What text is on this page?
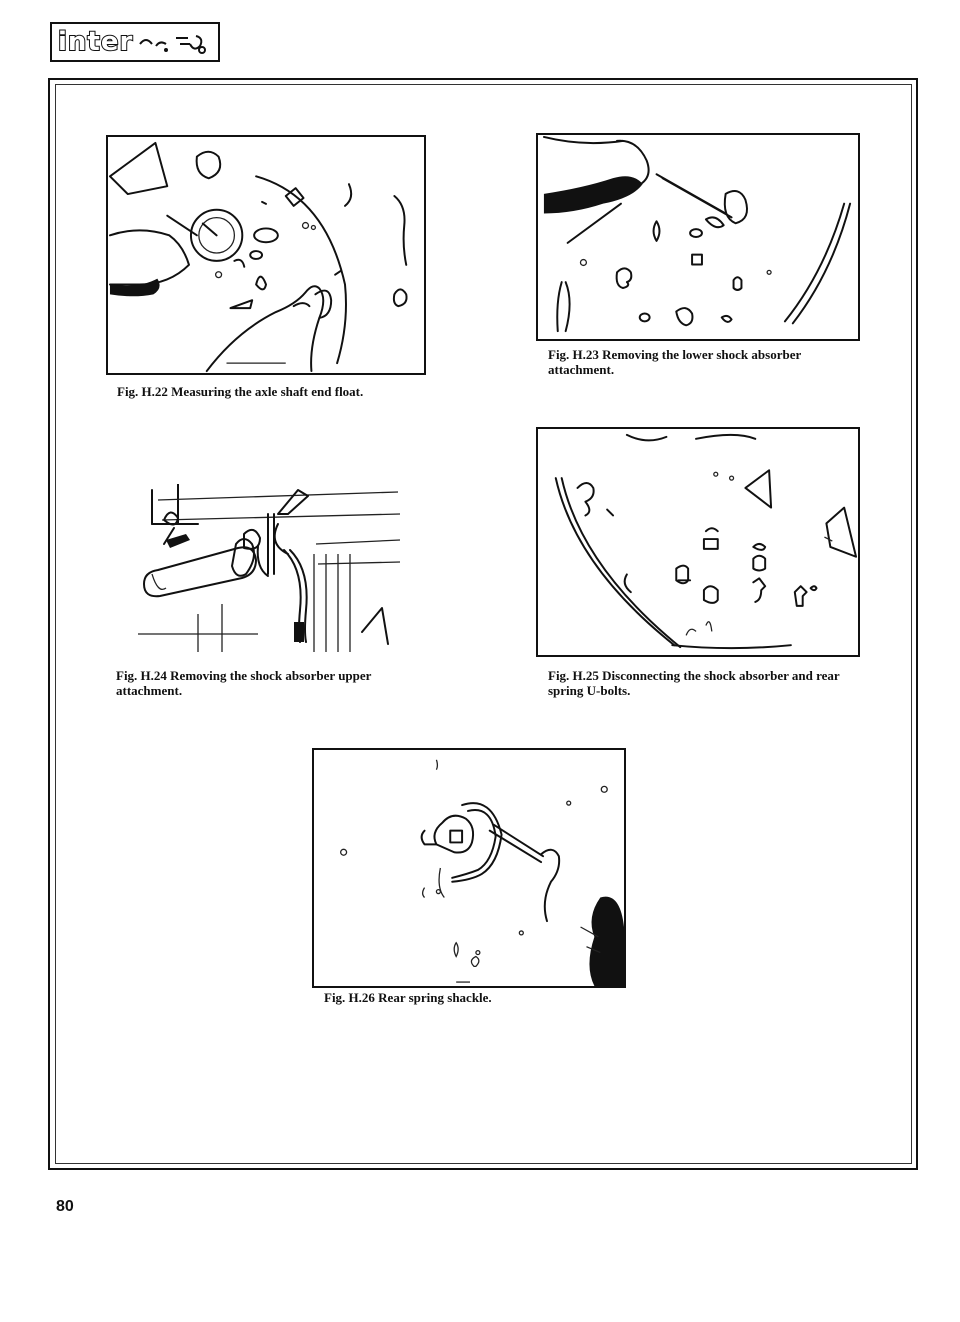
inter
Fig. H.22 Measuring the axle shaft end float.
Fig. H.23 Removing the lower shock absorber attachment.
Fig. H.24 Removing the shock absorber upper attachment.
Fig. H.25 Disconnecting the shock absorber and rear spring U-bolts.
Fig. H.26 Rear spring shackle.
80
